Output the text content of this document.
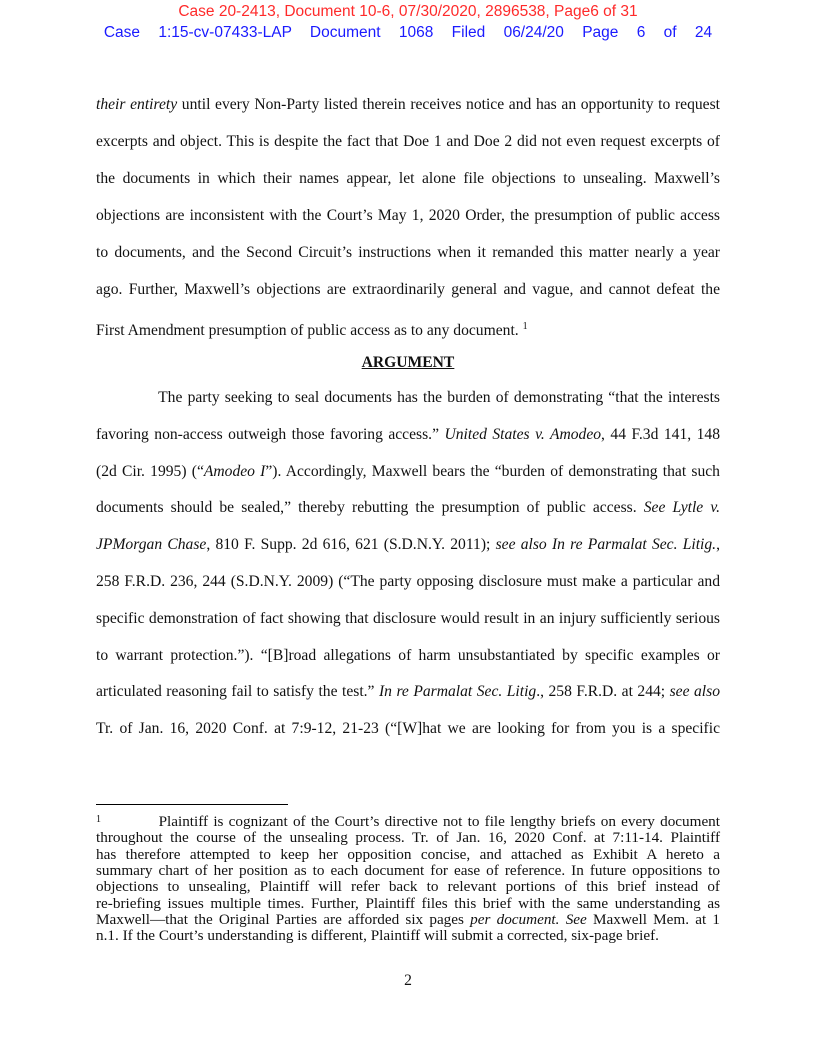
Case 20-2413, Document 10-6, 07/30/2020, 2896538, Page6 of 31
Case 1:15-cv-07433-LAP Document 1068 Filed 06/24/20 Page 6 of 24
their entirety until every Non-Party listed therein receives notice and has an opportunity to request
excerpts and object. This is despite the fact that Doe 1 and Doe 2 did not even request excerpts of
the documents in which their names appear, let alone file objections to unsealing. Maxwell’s
objections are inconsistent with the Court’s May 1, 2020 Order, the presumption of public access
to documents, and the Second Circuit’s instructions when it remanded this matter nearly a year
ago. Further, Maxwell’s objections are extraordinarily general and vague, and cannot defeat the
First Amendment presumption of public access as to any document. $^1$
ARGUMENT
The party seeking to seal documents has the burden of demonstrating “that the interests
favoring non-access outweigh those favoring access.” United States v. Amodeo, 44 F.3d 141, 148
(2d Cir. 1995) (“Amodeo I”). Accordingly, Maxwell bears the “burden of demonstrating that such
documents should be sealed,” thereby rebutting the presumption of public access. See Lytle v.
JPMorgan Chase, 810 F. Supp. 2d 616, 621 (S.D.N.Y. 2011); see also In re Parmalat Sec. Litig.,
258 F.R.D. 236, 244 (S.D.N.Y. 2009) (“The party opposing disclosure must make a particular and
specific demonstration of fact showing that disclosure would result in an injury sufficiently serious
to warrant protection.”). “[B]road allegations of harm unsubstantiated by specific examples or
articulated reasoning fail to satisfy the test.” In re Parmalat Sec. Litig., 258 F.R.D. at 244; see also
Tr. of Jan. 16, 2020 Conf. at 7:9-12, 21-23 (“[W]hat we are looking for from you is a specific
$^1$           Plaintiff is cognizant of the Court’s directive not to file lengthy briefs on every document
throughout the course of the unsealing process. Tr. of Jan. 16, 2020 Conf. at 7:11-14. Plaintiff
has therefore attempted to keep her opposition concise, and attached as Exhibit A hereto a
summary chart of her position as to each document for ease of reference. In future oppositions to
objections to unsealing, Plaintiff will refer back to relevant portions of this brief instead of
re-briefing issues multiple times. Further, Plaintiff files this brief with the same understanding as
Maxwell—that the Original Parties are afforded six pages per document. See Maxwell Mem. at 1
n.1. If the Court’s understanding is different, Plaintiff will submit a corrected, six-page brief.
2
